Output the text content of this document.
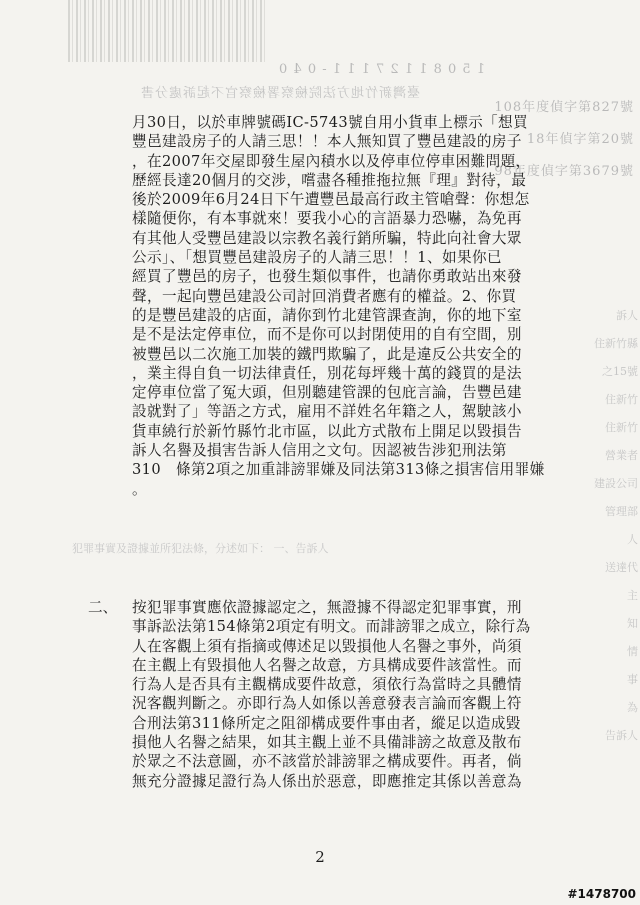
1 5 0 8 1 1 2 7 1 1 1 - 0 4 0
臺灣新竹地方法院檢察署檢察官不起訴處分書
108年度偵字第827號
98年度偵字第3679號
18年偵字第20號
訴人
住新竹縣
之15號
住新竹
住新竹
營業者
建設公司
管理部
人
送達代
主
知
情
事
為
告訴人
犯罪事實及證據並所犯法條，分述如下： 一、告訴人
月30日，以於車牌號碼IC-5743號自用小貨車上標示「想買
豐邑建設房子的人請三思！！本人無知買了豐邑建設的房子
，在2007年交屋即發生屋內積水以及停車位停車困難問題，
歷經長達20個月的交涉，嚐盡各種推拖拉無『理』對待，最
後於2009年6月24日下午遭豐邑最高行政主管嗆聲：你想怎
樣隨便你，有本事就來！要我小心的言語暴力恐嚇，為免再
有其他人受豐邑建設以宗教名義行銷所騙，特此向社會大眾
公示」、「想買豐邑建設房子的人請三思！！1、如果你已
經買了豐邑的房子，也發生類似事件，也請你勇敢站出來發
聲，一起向豐邑建設公司討回消費者應有的權益。2、你買
的是豐邑建設的店面，請你到竹北建管課查詢，你的地下室
是不是法定停車位，而不是你可以封閉使用的自有空間，別
被豐邑以二次施工加裝的鐵門欺騙了，此是違反公共安全的
，業主得自負一切法律責任，別花每坪幾十萬的錢買的是法
定停車位當了冤大頭，但別聽建管課的包庇言論，告豐邑建
設就對了」等語之方式，雇用不詳姓名年籍之人，駕駛該小
貨車繞行於新竹縣竹北市區，以此方式散布上開足以毀損告
訴人名譽及損害告訴人信用之文句。因認被告涉犯刑法第
310　條第2項之加重誹謗罪嫌及同法第313條之損害信用罪嫌
。
二、 按犯罪事實應依證據認定之，無證據不得認定犯罪事實，刑
事訴訟法第154條第2項定有明文。而誹謗罪之成立，除行為
人在客觀上須有指摘或傳述足以毀損他人名譽之事外，尚須
在主觀上有毀損他人名譽之故意，方具構成要件該當性。而
行為人是否具有主觀構成要件故意，須依行為當時之具體情
況客觀判斷之。亦即行為人如係以善意發表言論而客觀上符
合刑法第311條所定之阻卻構成要件事由者，縱足以造成毀
損他人名譽之結果，如其主觀上並不具備誹謗之故意及散布
於眾之不法意圖，亦不該當於誹謗罪之構成要件。再者，倘
無充分證據足證行為人係出於惡意，即應推定其係以善意為
2
#1478700
